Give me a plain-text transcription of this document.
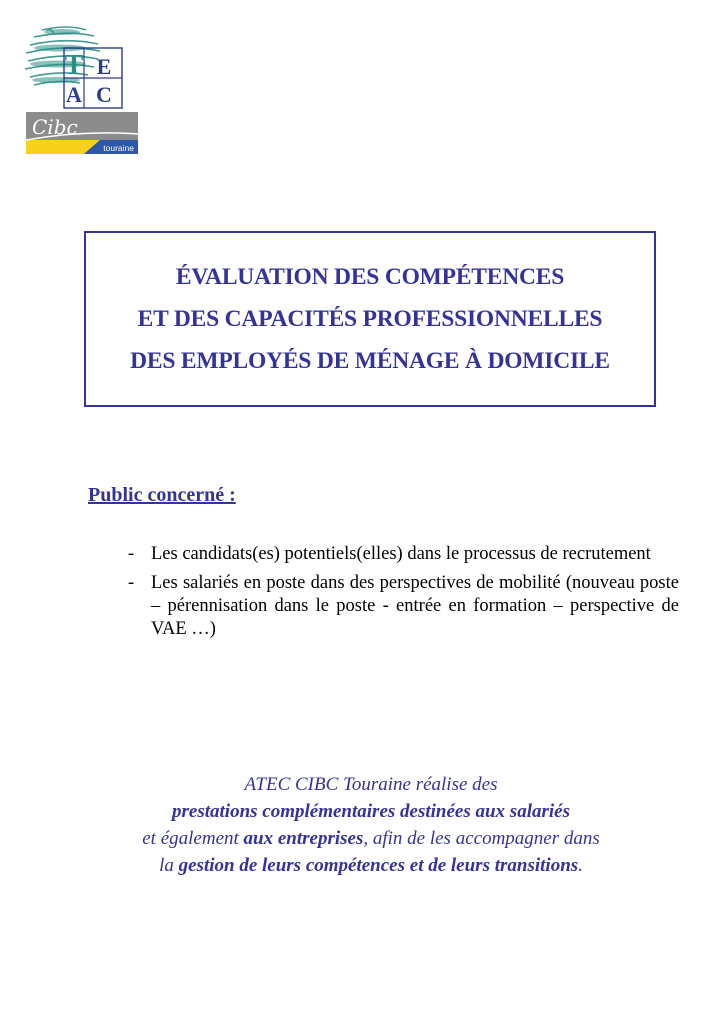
T E
A C
Cibc
touraine
ÉVALUATION DES COMPÉTENCES
ET DES CAPACITÉS PROFESSIONNELLES
DES EMPLOYÉS DE MÉNAGE À DOMICILE
Public concerné :
- Les candidats(es) potentiels(elles) dans le processus de recrutement
- Les salariés en poste dans des perspectives de mobilité (nouveau poste – pérennisation dans le poste - entrée en formation – perspective de VAE …)

ATEC CIBC Touraine réalise des

prestations complémentaires destinées aux salariés

et également aux entreprises, afin de les accompagner dans

la gestion de leurs compétences et de leurs transitions.
